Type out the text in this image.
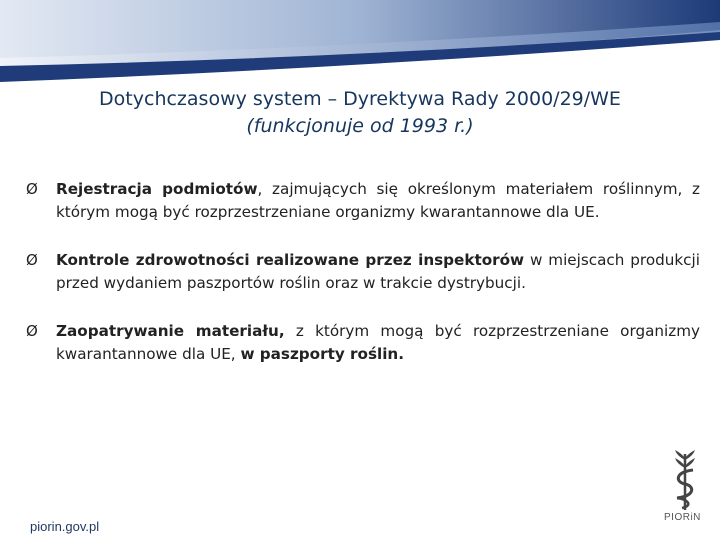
Dotychczasowy system – Dyrektywa Rady 2000/29/WE
(funkcjonuje od 1993 r.)
Ø Rejestracja podmiotów, zajmujących się określonym materiałem roślinnym, z którym mogą być rozprzestrzeniane organizmy kwarantannowe dla UE.
Ø Kontrole zdrowotności realizowane przez inspektorów w miejscach produkcji przed wydaniem paszportów roślin oraz w trakcie dystrybucji.
Ø Zaopatrywanie materiału, z którym mogą być rozprzestrzeniane organizmy kwarantannowe dla UE, w paszporty roślin.
piorin.gov.pl
PIORiN
